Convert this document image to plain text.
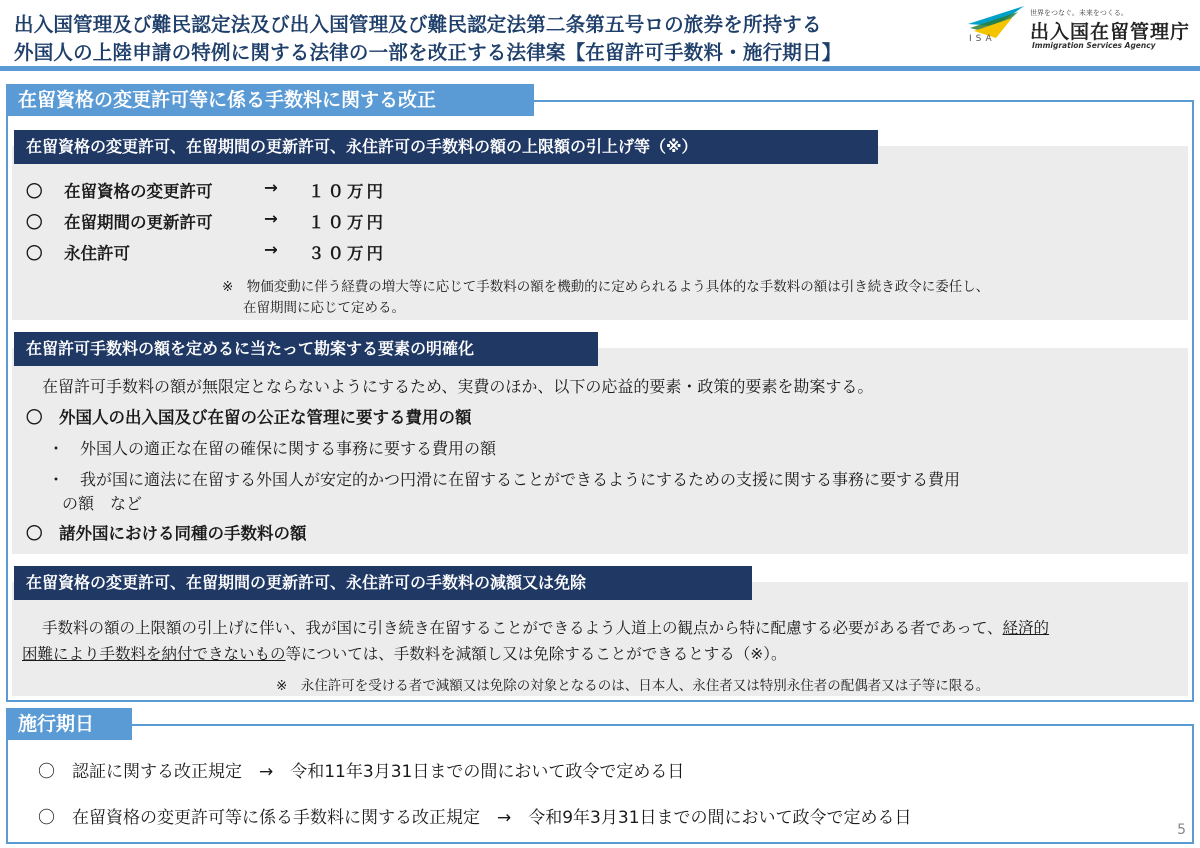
出入国管理及び難民認定法及び出入国管理及び難民認定法第二条第五号ロの旅券を所持する
外国人の上陸申請の特例に関する法律の一部を改正する法律案【在留許可手数料・施行期日】
ISA
世界をつなぐ。未来をつくる。
出入国在留管理庁
Immigration Services Agency
在留資格の変更許可等に係る手数料に関する改正
在留資格の変更許可、在留期間の更新許可、永住許可の手数料の額の上限額の引上げ等（※）
〇 在留資格の変更許可	→ １０万円
〇 在留期間の更新許可	→ １０万円
〇 永住許可	→ ３０万円
※　物価変動に伴う経費の増大等に応じて手数料の額を機動的に定められるよう具体的な手数料の額は引き続き政令に委任し、
在留期間に応じて定める。
在留許可手数料の額を定めるに当たって勘案する要素の明確化
在留許可手数料の額が無限定とならないようにするため、実費のほか、以下の応益的要素・政策的要素を勘案する。
〇　外国人の出入国及び在留の公正な管理に要する費用の額
・　外国人の適正な在留の確保に関する事務に要する費用の額
・　我が国に適法に在留する外国人が安定的かつ円滑に在留することができるようにするための支援に関する事務に要する費用
の額　など
〇　諸外国における同種の手数料の額
在留資格の変更許可、在留期間の更新許可、永住許可の手数料の減額又は免除
手数料の額の上限額の引上げに伴い、我が国に引き続き在留することができるよう人道上の観点から特に配慮する必要がある者であって、経済的
困難により手数料を納付できないもの等については、手数料を減額し又は免除することができるとする（※）。
※　永住許可を受ける者で減額又は免除の対象となるのは、日本人、永住者又は特別永住者の配偶者又は子等に限る。
施行期日
〇　認証に関する改正規定　→　令和11年3月31日までの間において政令で定める日
〇　在留資格の変更許可等に係る手数料に関する改正規定　→　令和9年3月31日までの間において政令で定める日
5
